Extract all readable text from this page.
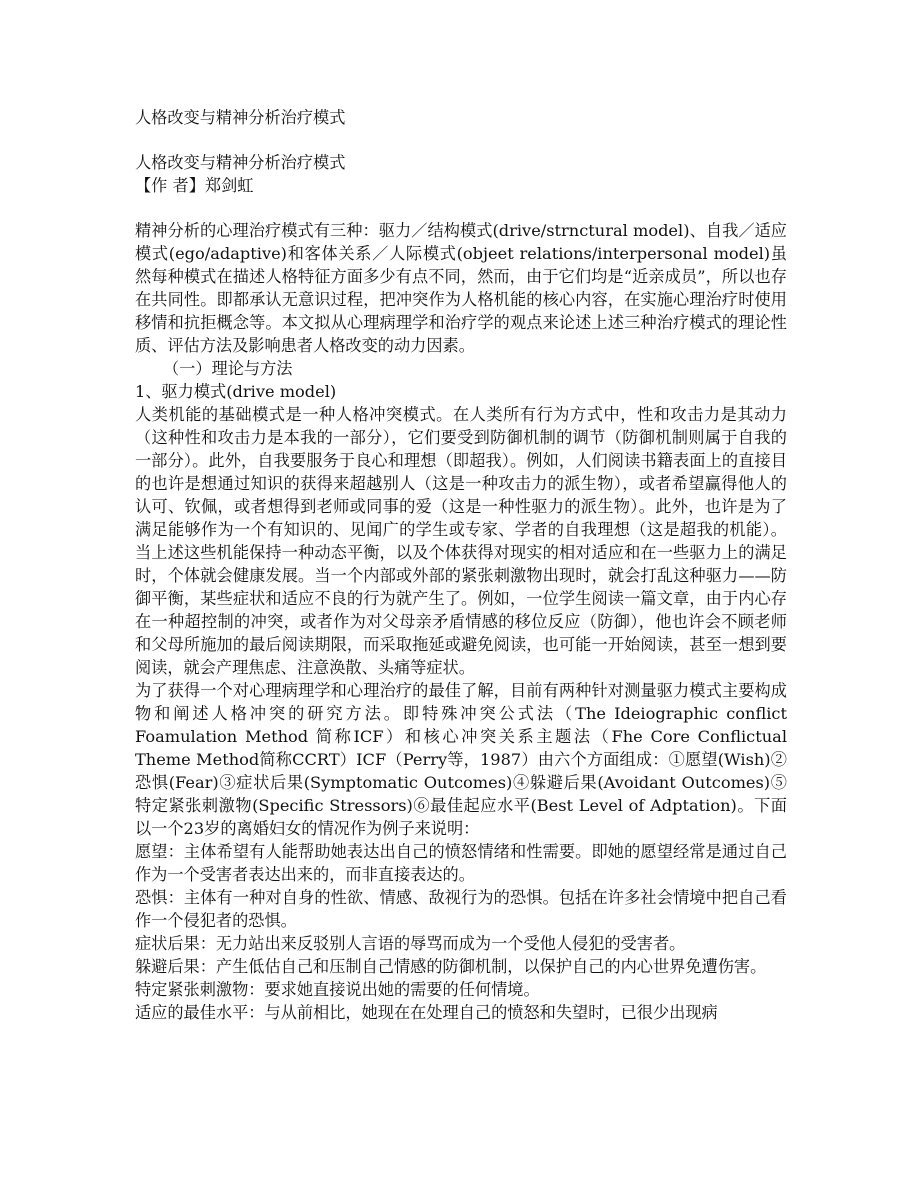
人格改变与精神分析治疗模式

人格改变与精神分析治疗模式

【作 者】郑剑虹

精神分析的心理治疗模式有三种：驱力／结构模式(drive/strnctural model)、自我／适应模式(ego/adaptive)和客体关系／人际模式(objeet relations/interpersonal model)虽然每种模式在描述人格特征方面多少有点不同，然而，由于它们均是“近亲成员”，所以也存在共同性。即都承认无意识过程，把冲突作为人格机能的核心内容，在实施心理治疗时使用移情和抗拒概念等。本文拟从心理病理学和治疗学的观点来论述上述三种治疗模式的理论性质、评估方法及影响患者人格改变的动力因素。

（一）理论与方法

1、驱力模式(drive model)

人类机能的基础模式是一种人格冲突模式。在人类所有行为方式中，性和攻击力是其动力（这种性和攻击力是本我的一部分），它们要受到防御机制的调节（防御机制则属于自我的一部分）。此外，自我要服务于良心和理想（即超我）。例如，人们阅读书籍表面上的直接目的也许是想通过知识的获得来超越别人（这是一种攻击力的派生物），或者希望赢得他人的认可、钦佩，或者想得到老师或同事的爱（这是一种性驱力的派生物）。此外，也许是为了满足能够作为一个有知识的、见闻广的学生或专家、学者的自我理想（这是超我的机能）。当上述这些机能保持一种动态平衡，以及个体获得对现实的相对适应和在一些驱力上的满足时，个体就会健康发展。当一个内部或外部的紧张刺激物出现时，就会打乱这种驱力——防御平衡，某些症状和适应不良的行为就产生了。例如，一位学生阅读一篇文章，由于内心存在一种超控制的冲突，或者作为对父母亲矛盾情感的移位反应（防御），他也许会不顾老师和父母所施加的最后阅读期限，而采取拖延或避免阅读，也可能一开始阅读，甚至一想到要阅读，就会产理焦虑、注意涣散、头痛等症状。

为了获得一个对心理病理学和心理治疗的最佳了解，目前有两种针对测量驱力模式主要构成物和阐述人格冲突的研究方法。即特殊冲突公式法（The Ideiographic conflict Foamulation Method 简称ICF）和核心冲突关系主题法（Fhe Core Conflictual Theme Method简称CCRT）ICF（Perry等，1987）由六个方面组成：①愿望(Wish)②恐惧(Fear)③症状后果(Symptomatic Outcomes)④躲避后果(Avoidant Outcomes)⑤特定紧张刺激物(Specific Stressors)⑥最佳起应水平(Best Level of Adptation)。下面以一个23岁的离婚妇女的情况作为例子来说明：

愿望：主体希望有人能帮助她表达出自己的愤怒情绪和性需要。即她的愿望经常是通过自己作为一个受害者表达出来的，而非直接表达的。

恐惧：主体有一种对自身的性欲、情感、敌视行为的恐惧。包括在许多社会情境中把自己看作一个侵犯者的恐惧。

症状后果：无力站出来反驳别人言语的辱骂而成为一个受他人侵犯的受害者。

躲避后果：产生低估自己和压制自己情感的防御机制，以保护自己的内心世界免遭伤害。

特定紧张刺激物：要求她直接说出她的需要的任何情境。

适应的最佳水平：与从前相比，她现在在处理自己的愤怒和失望时，已很少出现病
